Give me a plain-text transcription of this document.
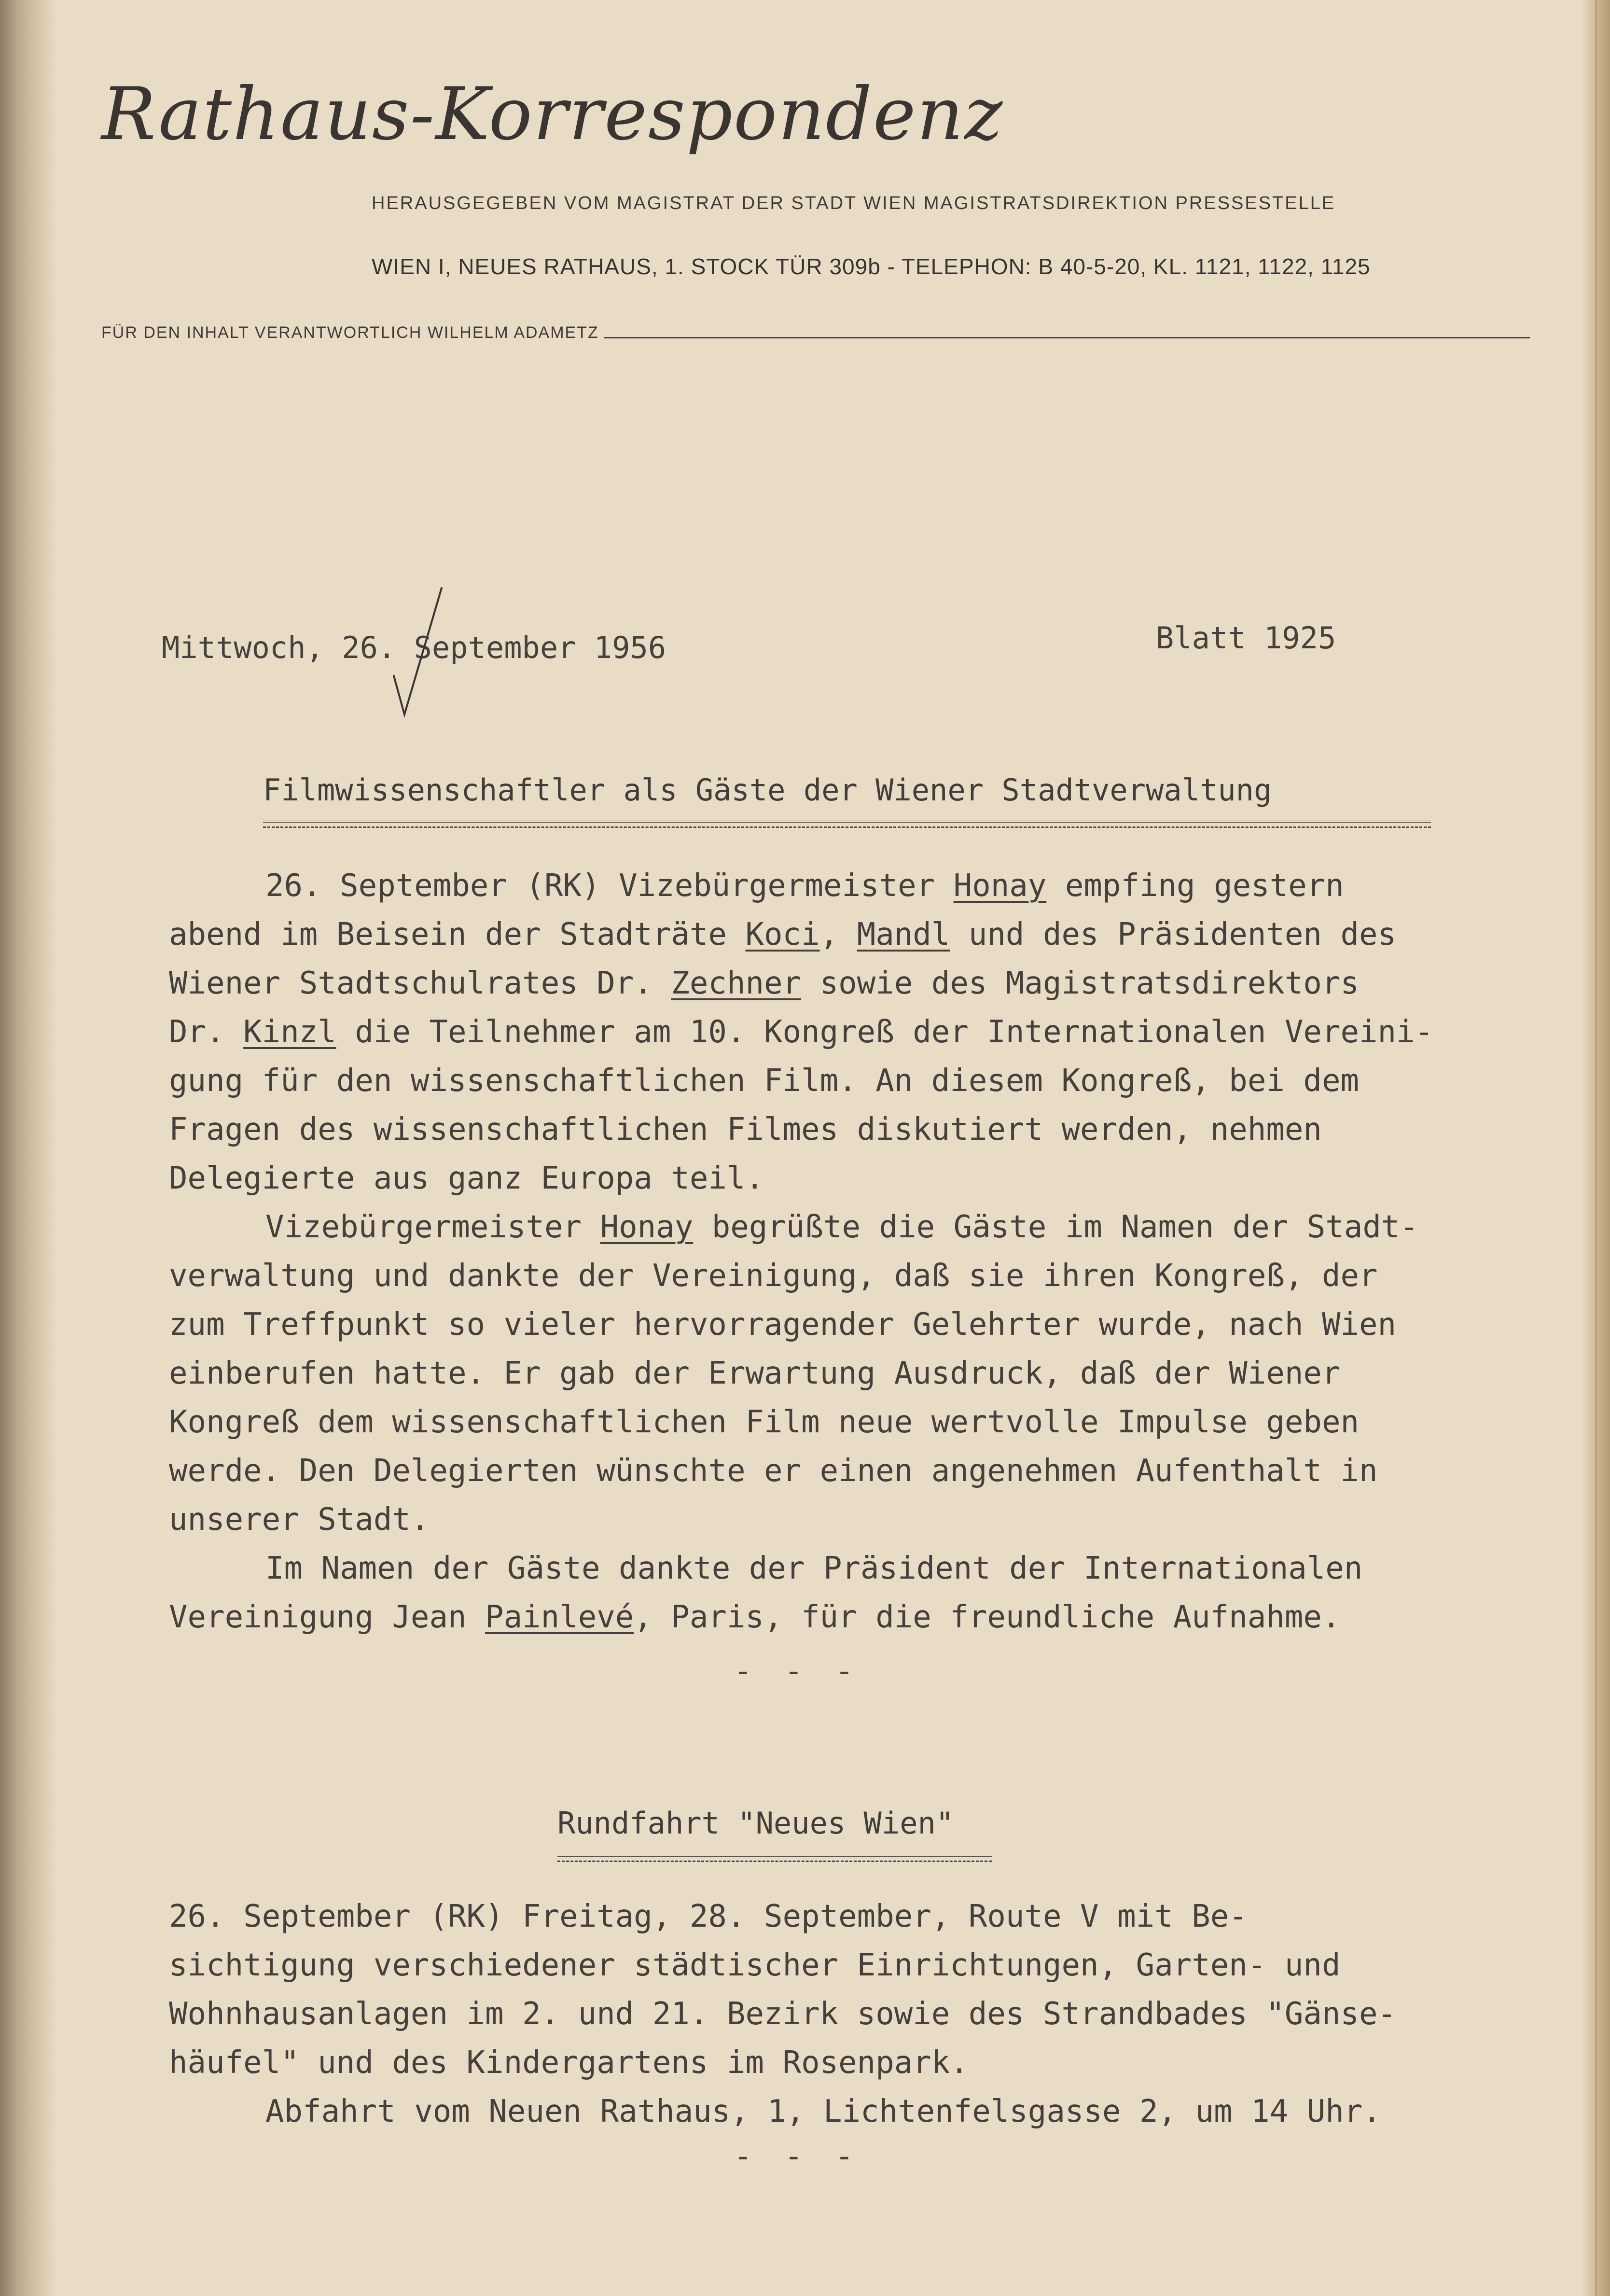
Rathaus-Korrespondenz
HERAUSGEGEBEN VOM MAGISTRAT DER STADT WIEN MAGISTRATSDIREKTION PRESSESTELLE
WIEN I, NEUES RATHAUS, 1. STOCK TÜR 309b - TELEPHON: B 40-5-20, KL. 1121, 1122, 1125
FÜR DEN INHALT VERANTWORTLICH WILHELM ADAMETZ
Mittwoch, 26. September 1956	Blatt 1925
Filmwissenschaftler als Gäste der Wiener Stadtverwaltung
26. September (RK) Vizebürgermeister Honay empfing gestern
abend im Beisein der Stadträte Koci, Mandl und des Präsidenten des
Wiener Stadtschulrates Dr. Zechner sowie des Magistratsdirektors
Dr. Kinzl die Teilnehmer am 10. Kongreß der Internationalen Vereini-
gung für den wissenschaftlichen Film. An diesem Kongreß, bei dem
Fragen des wissenschaftlichen Filmes diskutiert werden, nehmen
Delegierte aus ganz Europa teil.
Vizebürgermeister Honay begrüßte die Gäste im Namen der Stadt-
verwaltung und dankte der Vereinigung, daß sie ihren Kongreß, der
zum Treffpunkt so vieler hervorragender Gelehrter wurde, nach Wien
einberufen hatte. Er gab der Erwartung Ausdruck, daß der Wiener
Kongreß dem wissenschaftlichen Film neue wertvolle Impulse geben
werde. Den Delegierten wünschte er einen angenehmen Aufenthalt in
unserer Stadt.
Im Namen der Gäste dankte der Präsident der Internationalen
Vereinigung Jean Painlevé, Paris, für die freundliche Aufnahme.
- - -
Rundfahrt "Neues Wien"
26. September (RK) Freitag, 28. September, Route V mit Be-
sichtigung verschiedener städtischer Einrichtungen, Garten- und
Wohnhausanlagen im 2. und 21. Bezirk sowie des Strandbades "Gänse-
häufel" und des Kindergartens im Rosenpark.
Abfahrt vom Neuen Rathaus, 1, Lichtenfelsgasse 2, um 14 Uhr.
- - -
